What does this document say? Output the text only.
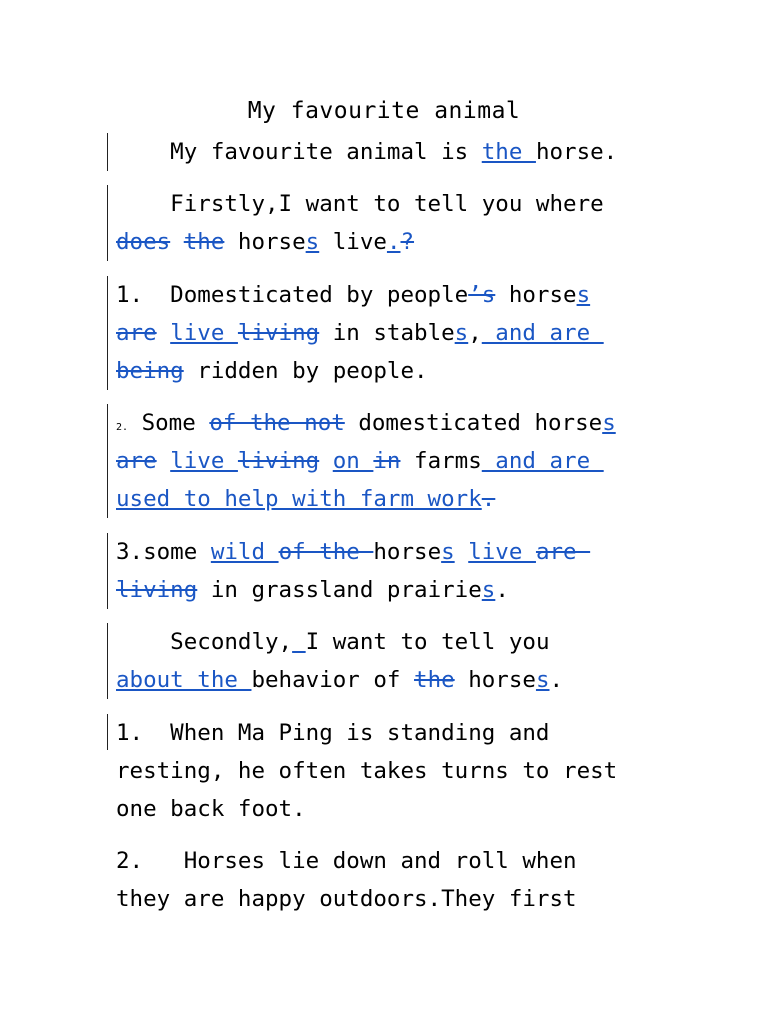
My favourite animal
My favourite animal is the horse.
Firstly,I want to tell you where
does the horses live.?
1.  Domesticated by people’s horses
are live living in stables, and are
being ridden by people.
2. Some of the not domesticated horses
are live living on in farms and are
used to help with farm work.
3.some wild of the horses live are
living in grassland prairies.
Secondly, I want to tell you
about the behavior of the horses.
1.  When Ma Ping is standing and
resting, he often takes turns to rest
one back foot.
2.   Horses lie down and roll when
they are happy outdoors.They first
